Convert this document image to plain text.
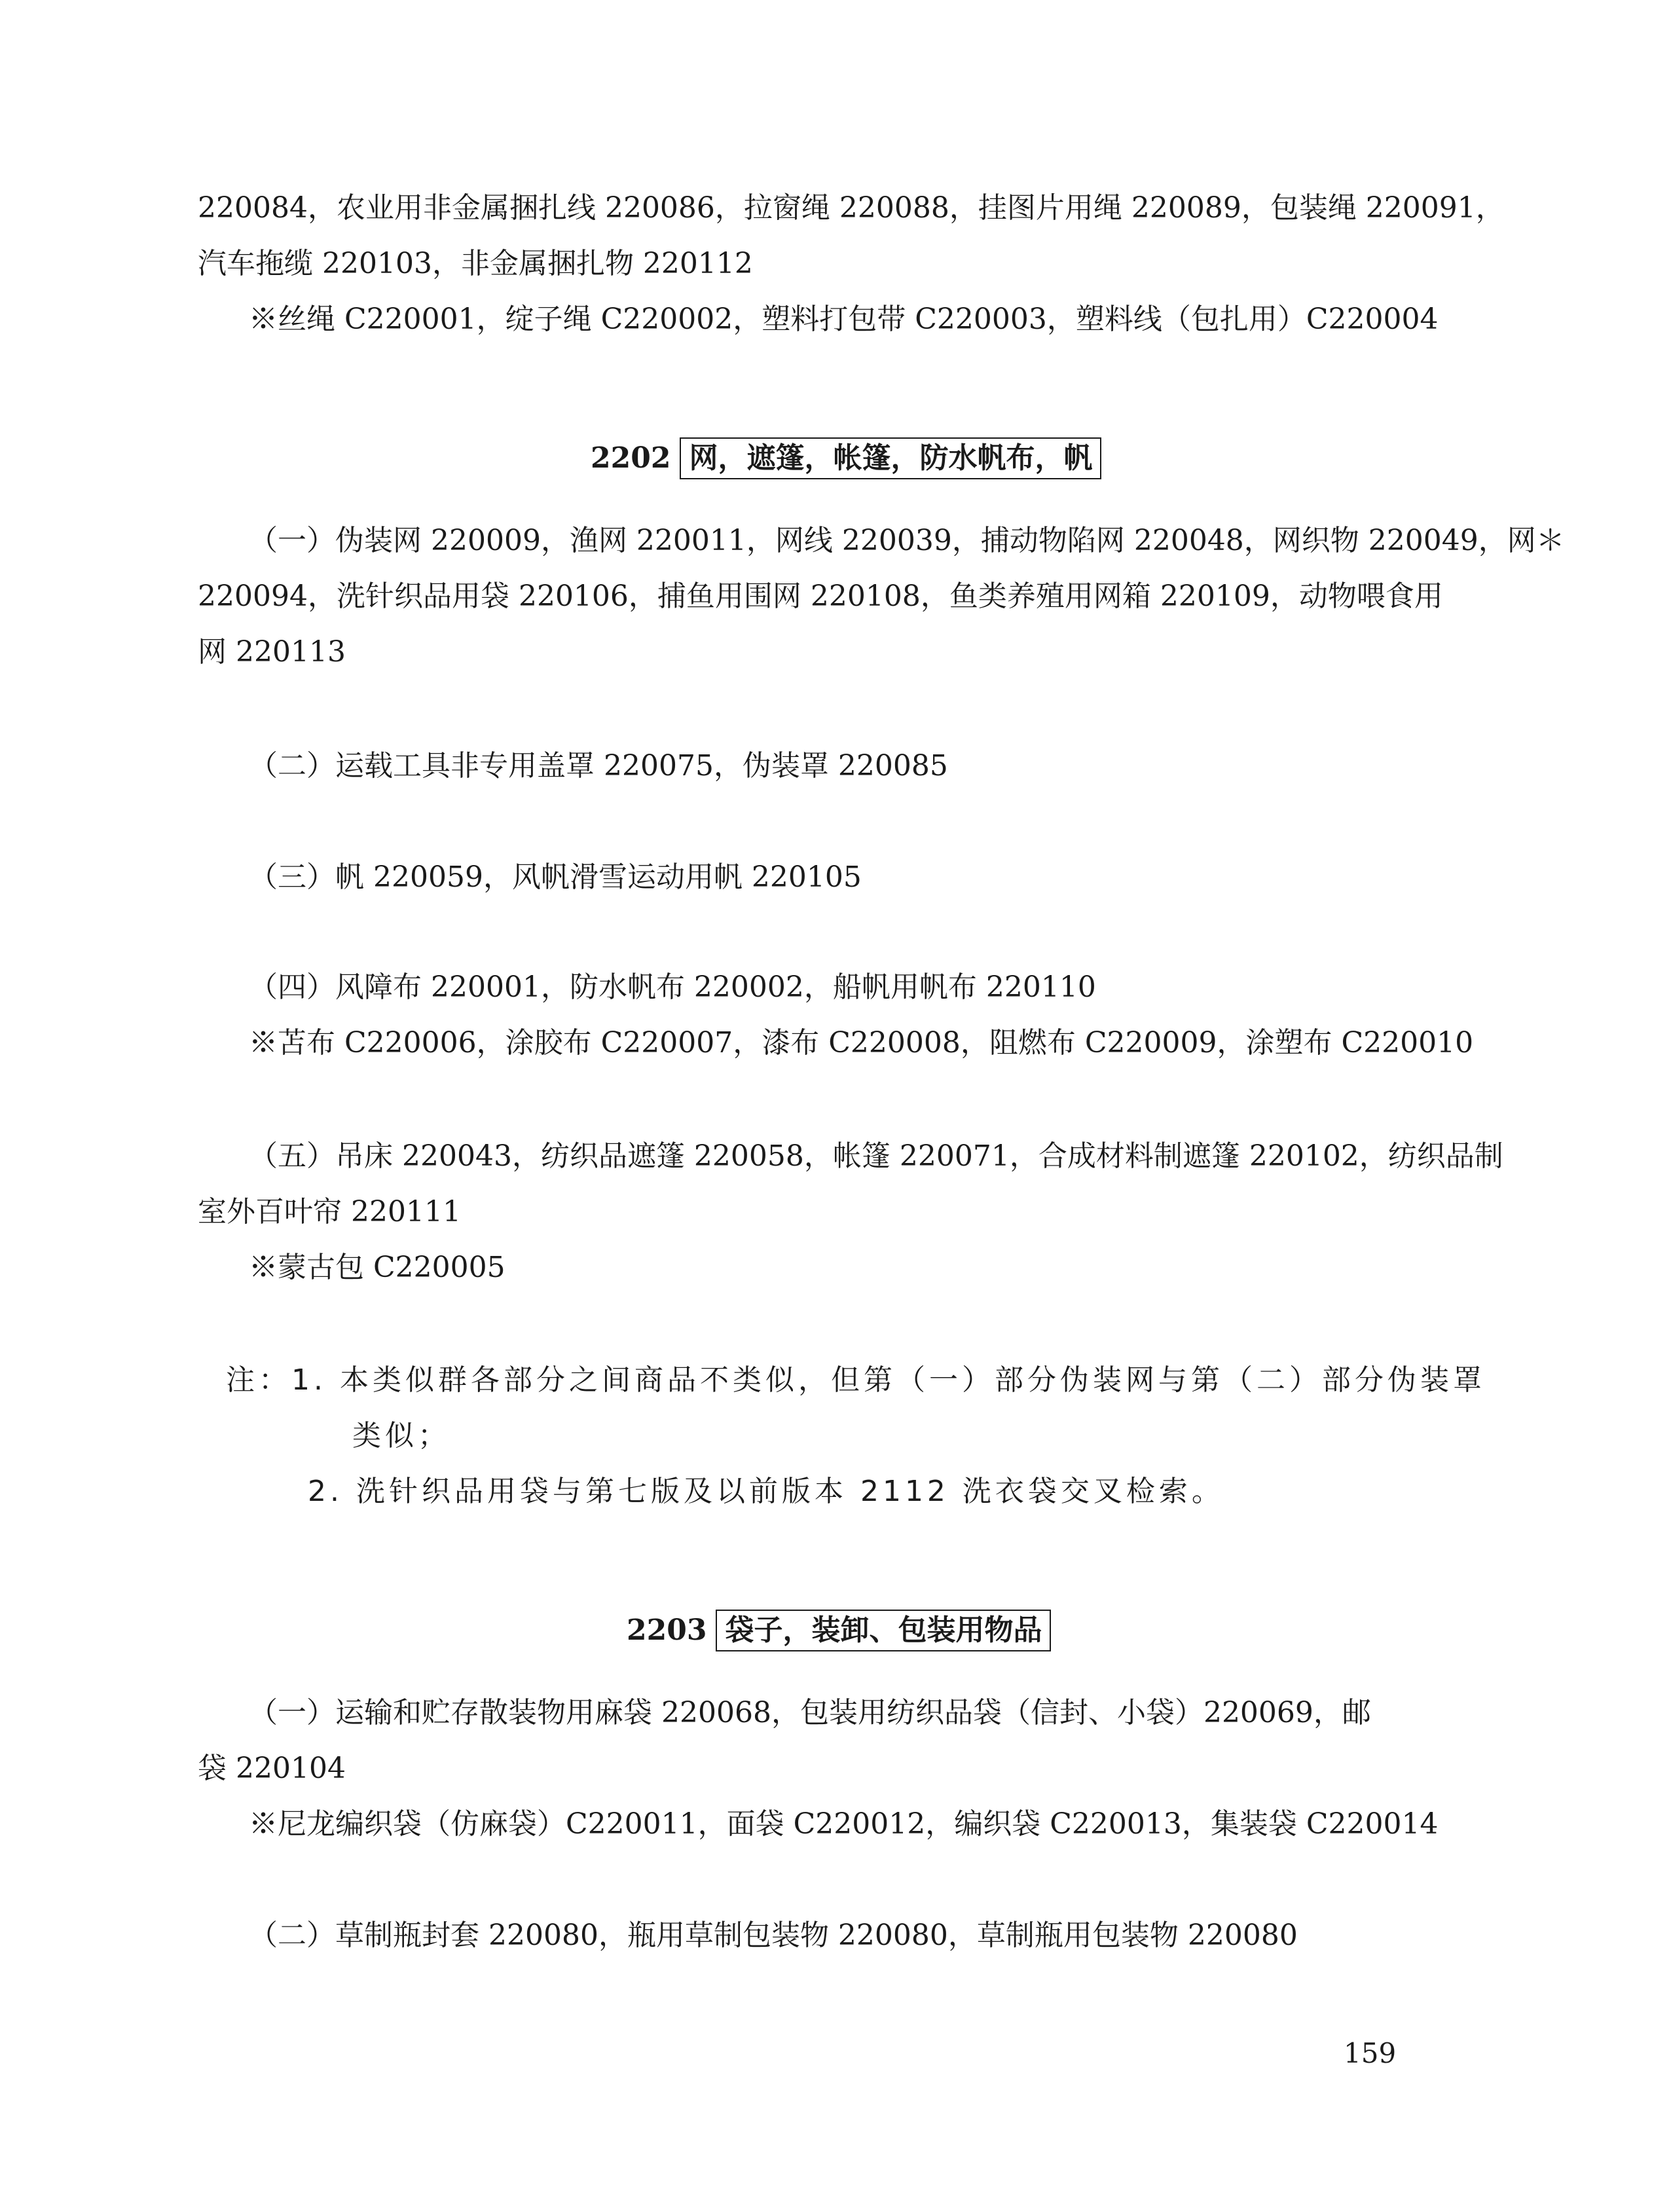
220084，农业用非金属捆扎线 220086，拉窗绳 220088，挂图片用绳 220089，包装绳 220091，
汽车拖缆 220103，非金属捆扎物 220112
※丝绳 C220001，绽子绳 C220002，塑料打包带 C220003，塑料线（包扎用）C220004
2202 网，遮篷，帐篷，防水帆布，帆
（一）伪装网 220009，渔网 220011，网线 220039，捕动物陷网 220048，网织物 220049，网＊
220094，洗针织品用袋 220106，捕鱼用围网 220108，鱼类养殖用网箱 220109，动物喂食用
网 220113
（二）运载工具非专用盖罩 220075，伪装罩 220085
（三）帆 220059，风帆滑雪运动用帆 220105
（四）风障布 220001，防水帆布 220002，船帆用帆布 220110
※苫布 C220006，涂胶布 C220007，漆布 C220008，阻燃布 C220009，涂塑布 C220010
（五）吊床 220043，纺织品遮篷 220058，帐篷 220071，合成材料制遮篷 220102，纺织品制
室外百叶帘 220111
※蒙古包 C220005
注：1. 本类似群各部分之间商品不类似，但第（一）部分伪装网与第（二）部分伪装罩
类似；
2. 洗针织品用袋与第七版及以前版本 2112 洗衣袋交叉检索。
2203 袋子，装卸、包装用物品
（一）运输和贮存散装物用麻袋 220068，包装用纺织品袋（信封、小袋）220069，邮
袋 220104
※尼龙编织袋（仿麻袋）C220011，面袋 C220012，编织袋 C220013，集装袋 C220014
（二）草制瓶封套 220080，瓶用草制包装物 220080，草制瓶用包装物 220080
159
